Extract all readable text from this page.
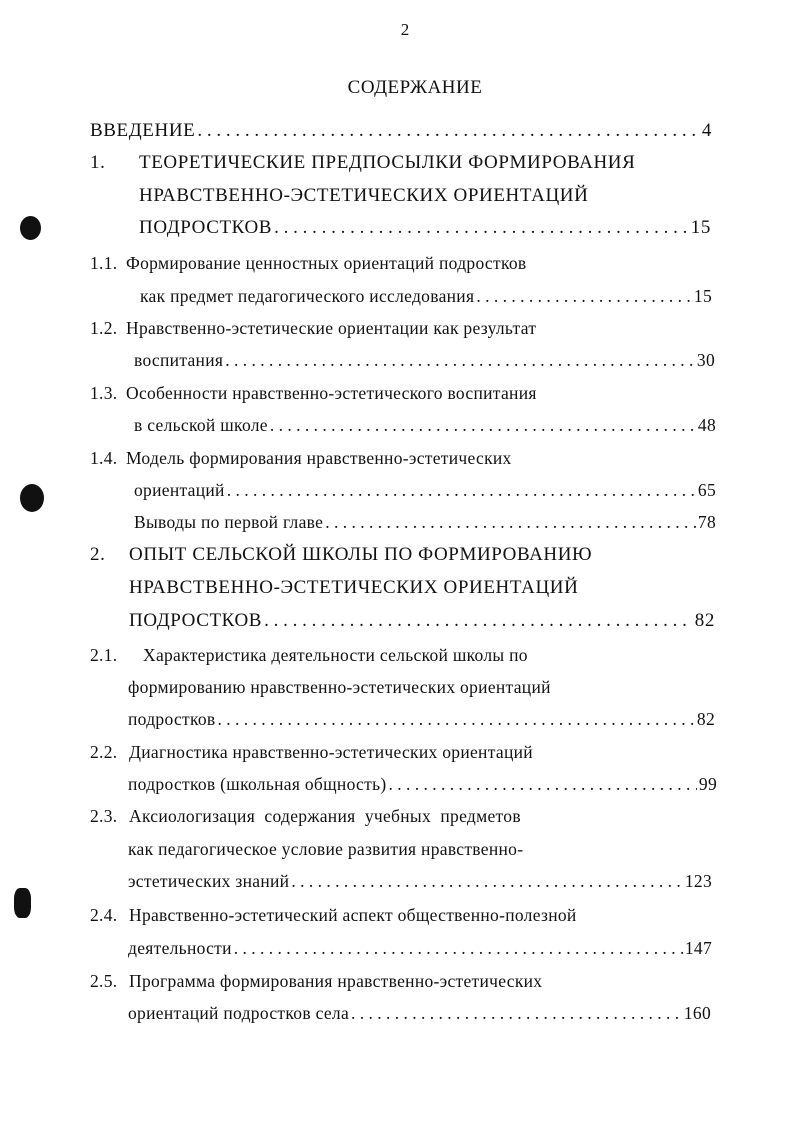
2
СОДЕРЖАНИЕ
ВВЕДЕНИЕ . . .	4
1. ТЕОРЕТИЧЕСКИЕ ПРЕДПОСЫЛКИ ФОРМИРОВАНИЯ
НРАВСТВЕННО-ЭСТЕТИЧЕСКИХ ОРИЕНТАЦИЙ
ПОДРОСТКОВ . . .	15
1.1. Формирование ценностных ориентаций подростков
как предмет педагогического исследования . . .	15
1.2. Нравственно-эстетические ориентации как результат
воспитания . . .	30
1.3. Особенности нравственно-эстетического воспитания
в сельской школе . . .	48
1.4. Модель формирования нравственно-эстетических
ориентаций . . .	65
Выводы по первой главе . . .	78
2. ОПЫТ СЕЛЬСКОЙ ШКОЛЫ ПО ФОРМИРОВАНИЮ
НРАВСТВЕННО-ЭСТЕТИЧЕСКИХ ОРИЕНТАЦИЙ
ПОДРОСТКОВ . . .	82
2.1. Характеристика деятельности сельской школы по
формированию нравственно-эстетических ориентаций
подростков . . .	82
2.2. Диагностика нравственно-эстетических ориентаций
подростков (школьная общность) . . .	99
2.3. Аксиологизация  содержания  учебных  предметов
как педагогическое условие развития нравственно-
эстетических знаний . . .	123
2.4. Нравственно-эстетический аспект общественно-полезной
деятельности . . .	147
2.5. Программа формирования нравственно-эстетических
ориентаций подростков села . . .	160
